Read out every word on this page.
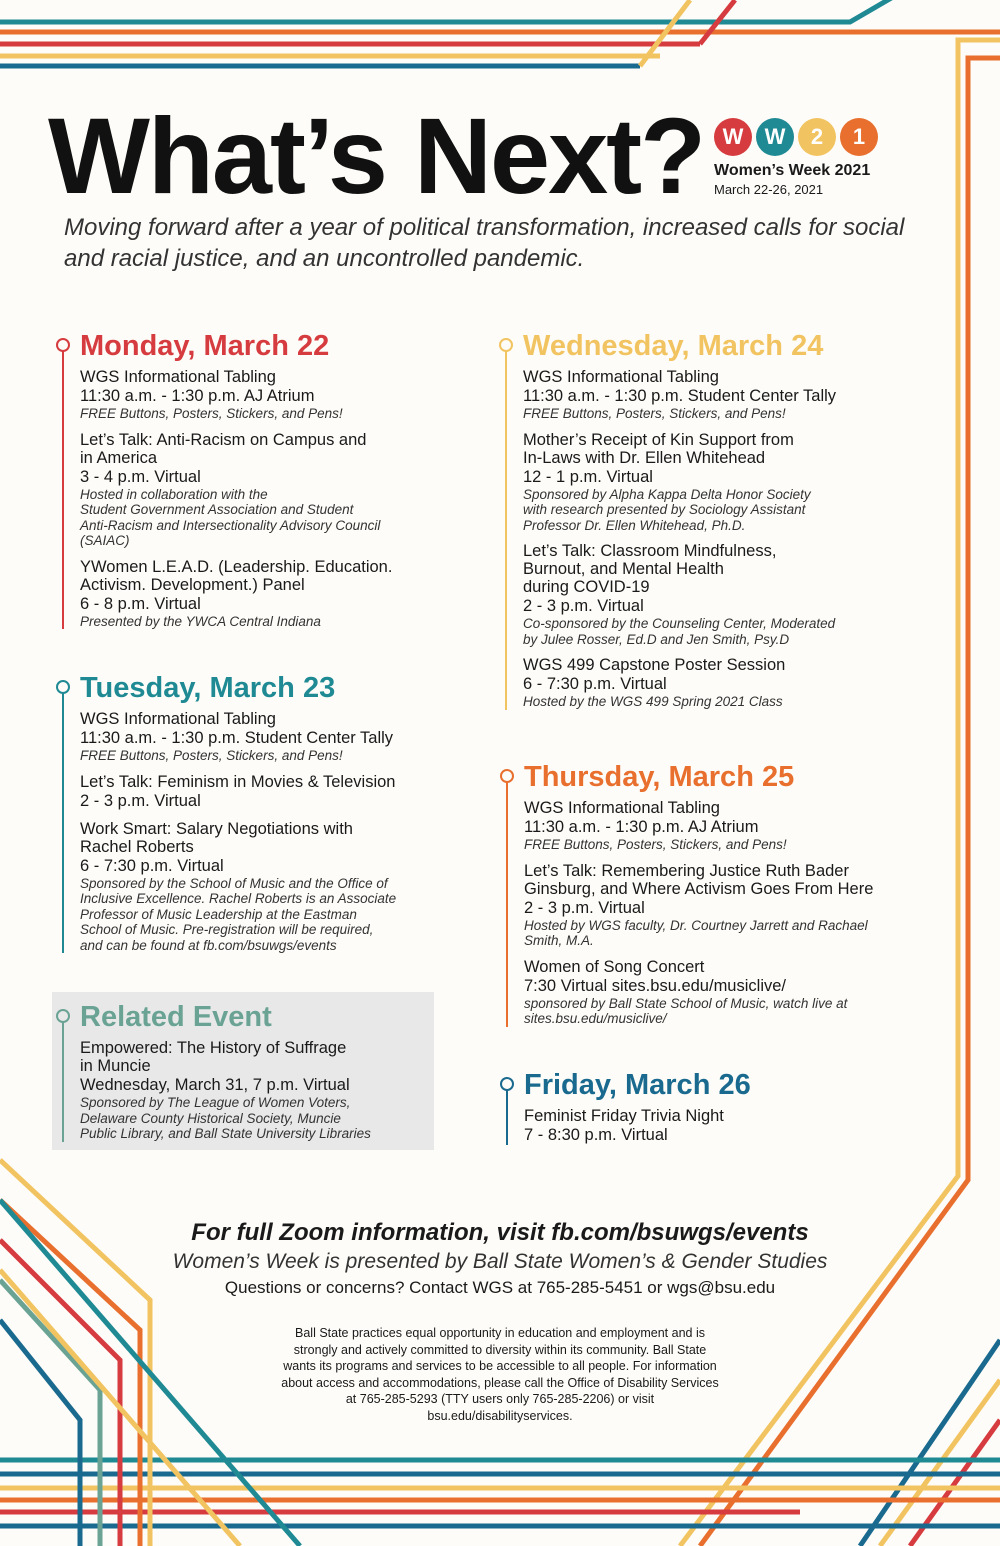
What’s Next? W W	2	1
Women’s Week 2021
March 22-26, 2021

Moving forward after a year of political transformation, increased calls for social and racial justice, and an uncontrolled pandemic.

Monday, March 22
WGS Informational Tabling
11:30 a.m. - 1:30 p.m. AJ Atrium
FREE Buttons, Posters, Stickers, and Pens!
Let’s Talk: Anti-Racism on Campus and
in America
3 - 4 p.m. Virtual
Hosted in collaboration with the
Student Government Association and Student
Anti-Racism and Intersectionality Advisory Council
(SAIAC)
YWomen L.E.A.D. (Leadership. Education.
Activism. Development.) Panel
6 - 8 p.m. Virtual
Presented by the YWCA Central Indiana
Tuesday, March 23
WGS Informational Tabling
11:30 a.m. - 1:30 p.m. Student Center Tally
FREE Buttons, Posters, Stickers, and Pens!
Let’s Talk: Feminism in Movies & Television
2 - 3 p.m. Virtual
Work Smart: Salary Negotiations with
Rachel Roberts
6 - 7:30 p.m. Virtual
Sponsored by the School of Music and the Office of
Inclusive Excellence. Rachel Roberts is an Associate
Professor of Music Leadership at the Eastman
School of Music. Pre-registration will be required,
and can be found at fb.com/bsuwgs/events
Related Event
Empowered: The History of Suffrage
in Muncie
Wednesday, March 31, 7 p.m. Virtual
Sponsored by The League of Women Voters,
Delaware County Historical Society, Muncie
Public Library, and Ball State University Libraries
Wednesday, March 24
WGS Informational Tabling
11:30 a.m. - 1:30 p.m. Student Center Tally
FREE Buttons, Posters, Stickers, and Pens!
Mother’s Receipt of Kin Support from
In-Laws with Dr. Ellen Whitehead
12 - 1 p.m. Virtual
Sponsored by Alpha Kappa Delta Honor Society
with research presented by Sociology Assistant
Professor Dr. Ellen Whitehead, Ph.D.
Let’s Talk: Classroom Mindfulness,
Burnout, and Mental Health
during COVID-19
2 - 3 p.m. Virtual
Co-sponsored by the Counseling Center, Moderated
by Julee Rosser, Ed.D and Jen Smith, Psy.D
WGS 499 Capstone Poster Session
6 - 7:30 p.m. Virtual
Hosted by the WGS 499 Spring 2021 Class
Thursday, March 25
WGS Informational Tabling
11:30 a.m. - 1:30 p.m. AJ Atrium
FREE Buttons, Posters, Stickers, and Pens!
Let’s Talk: Remembering Justice Ruth Bader
Ginsburg, and Where Activism Goes From Here
2 - 3 p.m. Virtual
Hosted by WGS faculty, Dr. Courtney Jarrett and Rachael
Smith, M.A.
Women of Song Concert
7:30 Virtual sites.bsu.edu/musiclive/
sponsored by Ball State School of Music, watch live at
sites.bsu.edu/musiclive/
Friday, March 26
Feminist Friday Trivia Night
7 - 8:30 p.m. Virtual
For full Zoom information, visit fb.com/bsuwgs/events
Women’s Week is presented by Ball State Women’s & Gender Studies
Questions or concerns? Contact WGS at 765-285-5451 or wgs@bsu.edu
Ball State practices equal opportunity in education and employment and is
strongly and actively committed to diversity within its community. Ball State
wants its programs and services to be accessible to all people. For information
about access and accommodations, please call the Office of Disability Services
at 765-285-5293 (TTY users only 765-285-2206) or visit
bsu.edu/disabilityservices.
